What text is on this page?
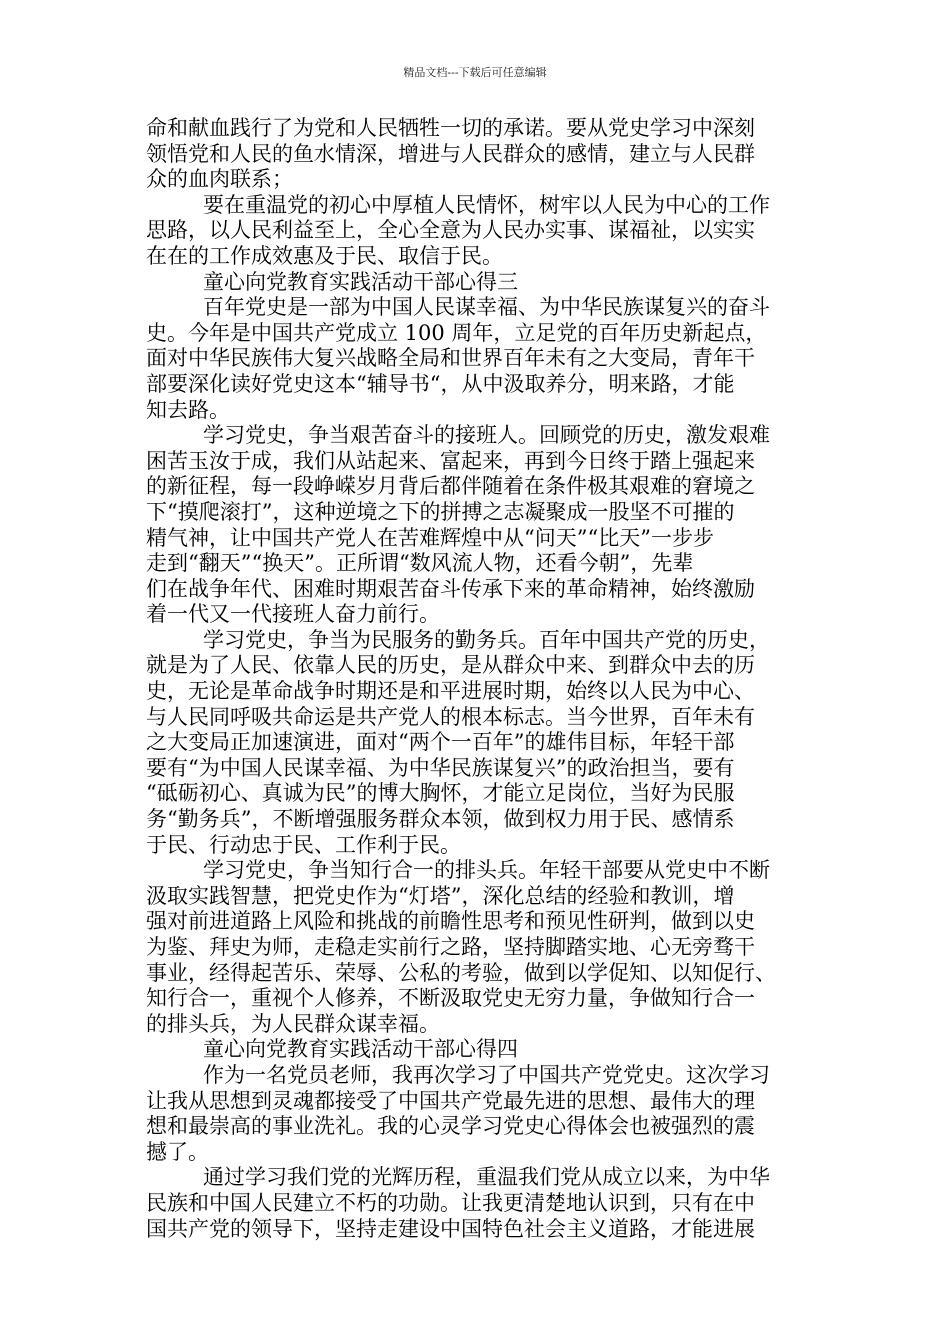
精品文档---下载后可任意编辑
命和献血践行了为党和人民牺牲一切的承诺。要从党史学习中深刻
领悟党和人民的鱼水情深，增进与人民群众的感情，建立与人民群
众的血肉联系；
要在重温党的初心中厚植人民情怀，树牢以人民为中心的工作
思路，以人民利益至上，全心全意为人民办实事、谋福祉，以实实
在在的工作成效惠及于民、取信于民。
童心向党教育实践活动干部心得三
百年党史是一部为中国人民谋幸福、为中华民族谋复兴的奋斗
史。今年是中国共产党成立 100 周年，立足党的百年历史新起点，
面对中华民族伟大复兴战略全局和世界百年未有之大变局，青年干
部要深化读好党史这本“辅导书“，从中汲取养分，明来路，才能
知去路。
学习党史，争当艰苦奋斗的接班人。回顾党的历史，激发艰难
困苦玉汝于成，我们从站起来、富起来，再到今日终于踏上强起来
的新征程，每一段峥嵘岁月背后都伴随着在条件极其艰难的窘境之
下“摸爬滚打”，这种逆境之下的拼搏之志凝聚成一股坚不可摧的
精气神，让中国共产党人在苦难辉煌中从“问天”“比天”一步步
走到“翻天”“换天”。正所谓“数风流人物，还看今朝”，先辈
们在战争年代、困难时期艰苦奋斗传承下来的革命精神，始终激励
着一代又一代接班人奋力前行。
学习党史，争当为民服务的勤务兵。百年中国共产党的历史，
就是为了人民、依靠人民的历史，是从群众中来、到群众中去的历
史，无论是革命战争时期还是和平进展时期，始终以人民为中心、
与人民同呼吸共命运是共产党人的根本标志。当今世界，百年未有
之大变局正加速演进，面对“两个一百年”的雄伟目标，年轻干部
要有“为中国人民谋幸福、为中华民族谋复兴”的政治担当，要有
“砥砺初心、真诚为民”的博大胸怀，才能立足岗位，当好为民服
务“勤务兵”，不断增强服务群众本领，做到权力用于民、感情系
于民、行动忠于民、工作利于民。
学习党史，争当知行合一的排头兵。年轻干部要从党史中不断
汲取实践智慧，把党史作为“灯塔”，深化总结的经验和教训，增
强对前进道路上风险和挑战的前瞻性思考和预见性研判，做到以史
为鉴、拜史为师，走稳走实前行之路，坚持脚踏实地、心无旁骛干
事业，经得起苦乐、荣辱、公私的考验，做到以学促知、以知促行、
知行合一，重视个人修养，不断汲取党史无穷力量，争做知行合一
的排头兵，为人民群众谋幸福。
童心向党教育实践活动干部心得四
作为一名党员老师，我再次学习了中国共产党党史。这次学习
让我从思想到灵魂都接受了中国共产党最先进的思想、最伟大的理
想和最崇高的事业洗礼。我的心灵学习党史心得体会也被强烈的震
撼了。
通过学习我们党的光辉历程，重温我们党从成立以来，为中华
民族和中国人民建立不朽的功勋。让我更清楚地认识到，只有在中
国共产党的领导下，坚持走建设中国特色社会主义道路，才能进展
